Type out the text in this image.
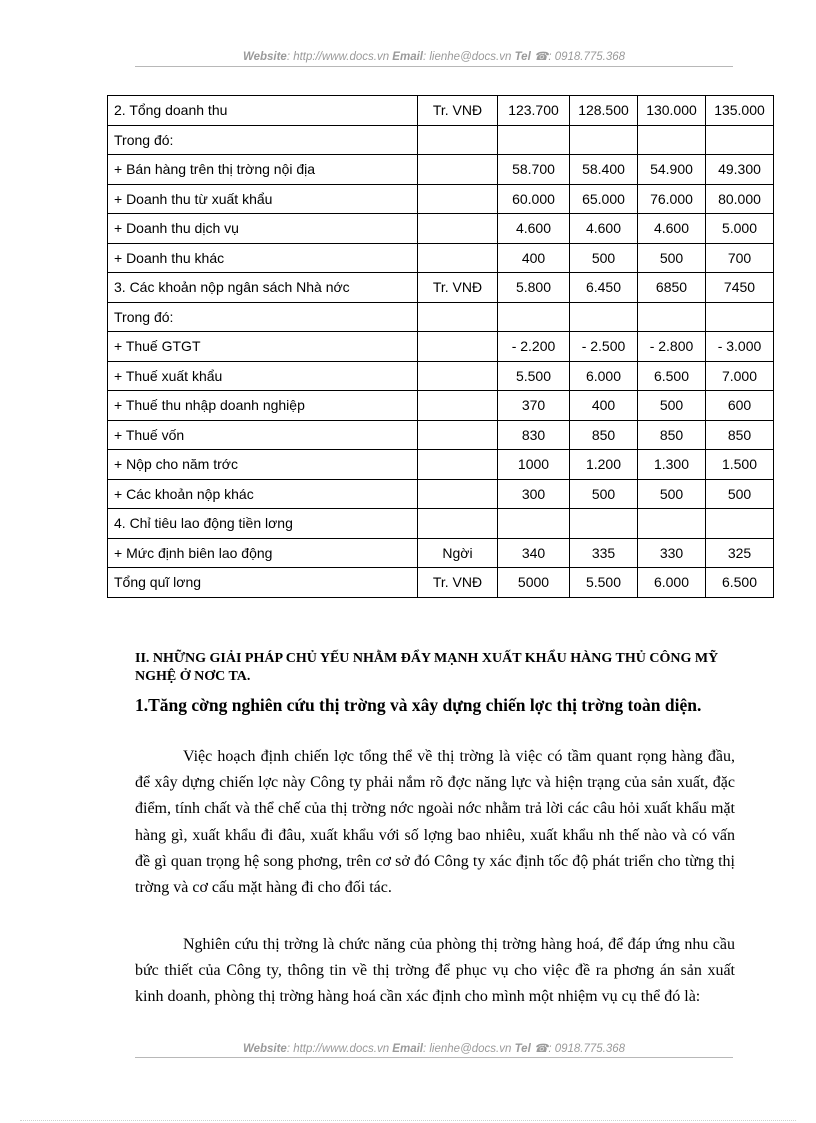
Website: http://www.docs.vn Email: lienhe@docs.vn Tel ☎: 0918.775.368
2. Tổng doanh thu	Tr. VNĐ	123.700	128.500	130.000	135.000
Trong đó:					
+ Bán hàng trên thị trờng nội địa		58.700	58.400	54.900	49.300
+ Doanh thu từ xuất khẩu		60.000	65.000	76.000	80.000
+ Doanh thu dịch vụ		4.600	4.600	4.600	5.000
+ Doanh thu khác		400	500	500	700
3. Các khoản nộp ngân sách Nhà nớc	Tr. VNĐ	5.800	6.450	6850	7450
Trong đó:					
+ Thuế GTGT		- 2.200	- 2.500	- 2.800	- 3.000
+ Thuế xuất khẩu		5.500	6.000	6.500	7.000
+ Thuế thu nhập doanh nghiệp		370	400	500	600
+ Thuế vốn		830	850	850	850
+ Nộp cho năm trớc		1000	1.200	1.300	1.500
+ Các khoản nộp khác		300	500	500	500
4. Chỉ tiêu lao động tiền lơng					
+ Mức định biên lao động	Ngời	340	335	330	325
Tổng quĩ lơng	Tr. VNĐ	5000	5.500	6.000	6.500

II. NHỮNG GIẢI PHÁP CHỦ YẾU NHẰM ĐẨY MẠNH XUẤT KHẨU HÀNG THỦ CÔNG MỸ NGHỆ Ở NƠC TA.

1.Tăng cờng nghiên cứu thị trờng và xây dựng chiến lợc thị trờng toàn diện.

Việc hoạch định chiến lợc tổng thể về thị trờng là việc có tầm quant rọng hàng đầu, để xây dựng chiến lợc này Công ty phải nắm rõ đợc năng lực và hiện trạng của sản xuất, đặc điểm, tính chất và thể chế của thị trờng nớc ngoài nớc nhằm trả lời các câu hỏi xuất khẩu mặt hàng gì, xuất khẩu đi đâu, xuất khẩu với số lợng bao nhiêu, xuất khẩu nh thế nào và có vấn đề gì quan trọng hệ song phơng, trên cơ sở đó Công ty xác định tốc độ phát triển cho từng thị trờng và cơ cấu mặt hàng đi cho đối tác.

Nghiên cứu thị trờng là chức năng của phòng thị trờng hàng hoá, để đáp ứng nhu cầu bức thiết của Công ty, thông tin về thị trờng để phục vụ cho việc đề ra phơng án sản xuất kinh doanh, phòng thị trờng hàng hoá cần xác định cho mình một nhiệm vụ cụ thể đó là:

Website: http://www.docs.vn Email: lienhe@docs.vn Tel ☎: 0918.775.368
